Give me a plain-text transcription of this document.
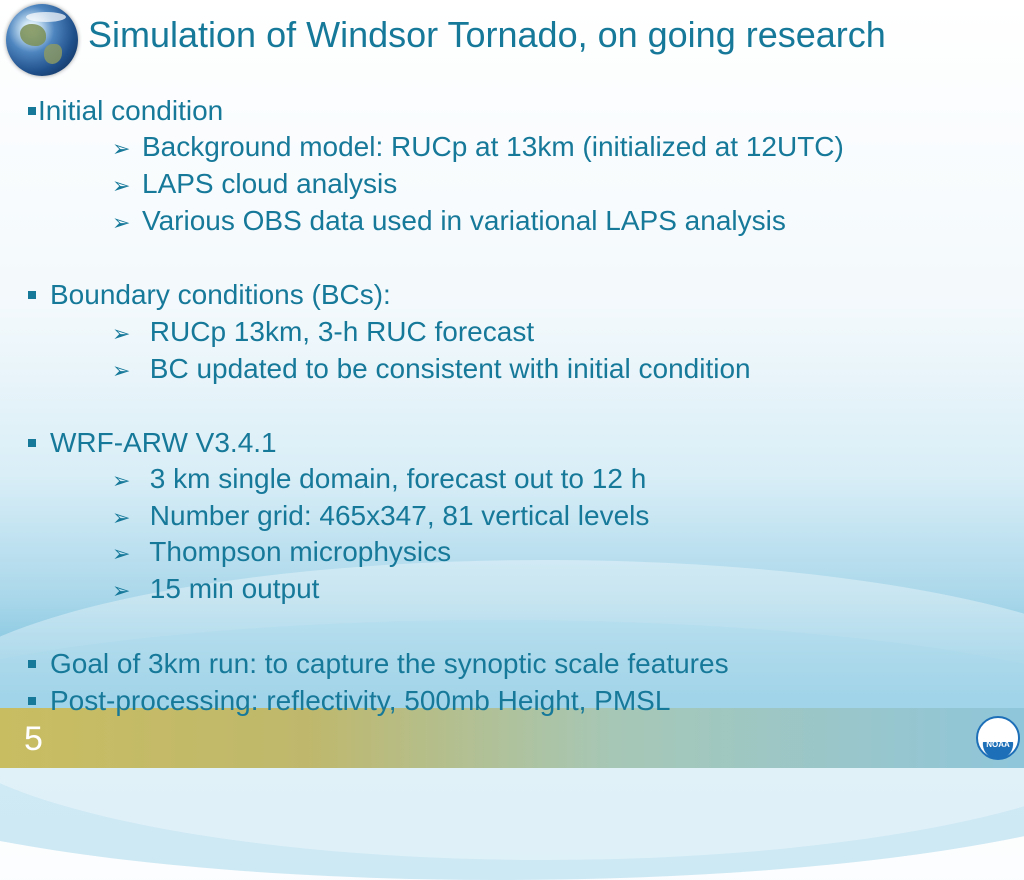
Simulation of Windsor Tornado, on going research
Initial condition
➢ Background model: RUCp at 13km (initialized at 12UTC)
➢ LAPS cloud analysis
➢ Various OBS data used in variational LAPS analysis
Boundary conditions (BCs):
➢ RUCp 13km, 3-h RUC forecast
➢ BC updated to be consistent with initial condition
WRF-ARW V3.4.1
➢ 3 km single domain, forecast out to 12 h
➢ Number grid: 465x347, 81 vertical levels
➢ Thompson microphysics
➢ 15 min output
Goal of 3km run: to capture the synoptic scale features
Post-processing: reflectivity, 500mb Height, PMSL
5	NOAA
